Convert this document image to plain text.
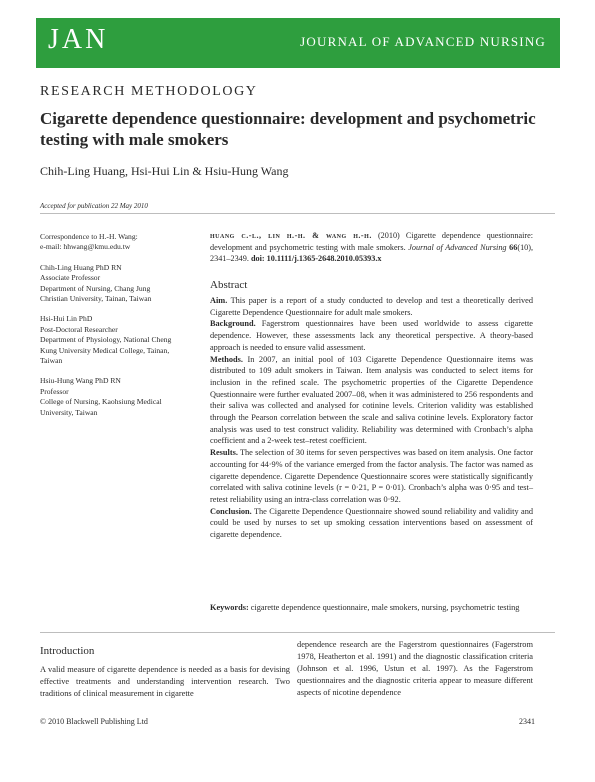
JAN	JOURNAL OF ADVANCED NURSING
RESEARCH METHODOLOGY
Cigarette dependence questionnaire: development and psychometric testing with male smokers
Chih-Ling Huang, Hsi-Hui Lin & Hsiu-Hung Wang
Accepted for publication 22 May 2010
Correspondence to H.-H. Wang:
e-mail: hhwang@kmu.edu.tw
Chih-Ling Huang PhD RN
Associate Professor
Department of Nursing, Chang Jung
Christian University, Tainan, Taiwan
Hsi-Hui Lin PhD
Post-Doctoral Researcher
Department of Physiology, National Cheng
Kung University Medical College, Tainan,
Taiwan
Hsiu-Hung Wang PhD RN
Professor
College of Nursing, Kaohsiung Medical
University, Taiwan
huang c.-l., lin h.-h. & wang h.-h. (2010) Cigarette dependence questionnaire: development and psychometric testing with male smokers. Journal of Advanced Nursing 66(10), 2341–2349. doi: 10.1111/j.1365-2648.2010.05393.x
Abstract

Aim. This paper is a report of a study conducted to develop and test a theoretically derived Cigarette Dependence Questionnaire for adult male smokers.

Background. Fagerstrom questionnaires have been used worldwide to assess cigarette dependence. However, these assessments lack any theoretical perspective. A theory-based approach is needed to ensure valid assessment.

Methods. In 2007, an initial pool of 103 Cigarette Dependence Questionnaire items was distributed to 109 adult smokers in Taiwan. Item analysis was conducted to select items for inclusion in the refined scale. The psychometric properties of the Cigarette Dependence Questionnaire were further evaluated 2007–08, when it was administered to 256 respondents and their saliva was collected and analysed for cotinine levels. Criterion validity was established through the Pearson correlation between the scale and saliva cotinine levels. Exploratory factor analysis was used to test construct validity. Reliability was determined with Cronbach’s alpha coefficient and a 2-week test–retest coefficient.

Results. The selection of 30 items for seven perspectives was based on item analysis. One factor accounting for 44·9% of the variance emerged from the factor analysis. The factor was named as cigarette dependence. Cigarette Dependence Questionnaire scores were statistically significantly correlated with saliva cotinine levels (r = 0·21, P = 0·01). Cronbach’s alpha was 0·95 and test–retest reliability using an intra-class correlation was 0·92.

Conclusion. The Cigarette Dependence Questionnaire showed sound reliability and validity and could be used by nurses to set up smoking cessation interventions based on assessment of cigarette dependence.

Keywords: cigarette dependence questionnaire, male smokers, nursing, psychometric testing
Introduction
A valid measure of cigarette dependence is needed as a basis for devising effective treatments and understanding intervention research. Two traditions of clinical measurement in cigarette
dependence research are the Fagerstrom questionnaires (Fagerstrom 1978, Heatherton et al. 1991) and the diagnostic classification criteria (Johnson et al. 1996, Ustun et al. 1997). As the Fagerstrom questionnaires and the diagnostic criteria appear to measure different aspects of nicotine dependence
© 2010 Blackwell Publishing Ltd	2341
